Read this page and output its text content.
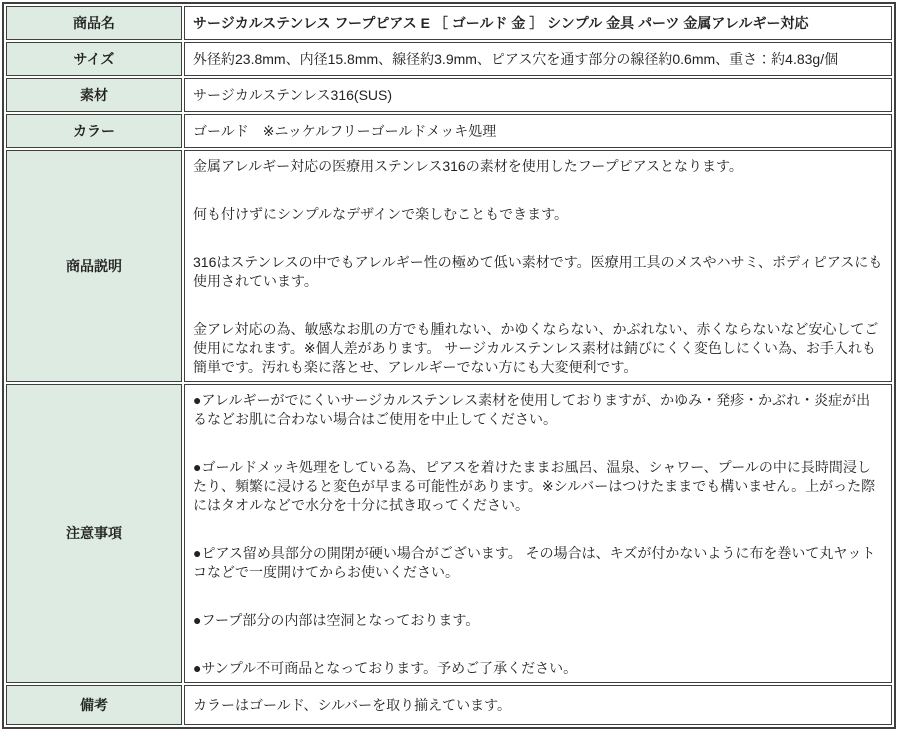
商品名	サージカルステンレス フープピアス E ［ ゴールド 金 ］ シンプル 金具 パーツ 金属アレルギー対応
サイズ	外径約23.8mm、内径15.8mm、線径約3.9mm、ピアス穴を通す部分の線径約0.6mm、重さ：約4.83g/個
素材	サージカルステンレス316(SUS)
カラー	ゴールド　※ニッケルフリーゴールドメッキ処理
商品説明	金属アレルギー対応の医療用ステンレス316の素材を使用したフープピアスとなります。

何も付けずにシンプルなデザインで楽しむこともできます。

316はステンレスの中でもアレルギー性の極めて低い素材です。医療用工具のメスやハサミ、ボディピアスにも使用されています。

金アレ対応の為、敏感なお肌の方でも腫れない、かゆくならない、かぶれない、赤くならないなど安心してご使用になれます。※個人差があります。 サージカルステンレス素材は錆びにくく変色しにくい為、お手入れも簡単です。汚れも楽に落とせ、アレルギーでない方にも大変便利です。

注意事項	●アレルギーがでにくいサージカルステンレス素材を使用しておりますが、かゆみ・発疹・かぶれ・炎症が出るなどお肌に合わない場合はご使用を中止してください。

●ゴールドメッキ処理をしている為、ピアスを着けたままお風呂、温泉、シャワー、プールの中に長時間浸したり、頻繁に浸けると変色が早まる可能性があります。※シルバーはつけたままでも構いません。上がった際にはタオルなどで水分を十分に拭き取ってください。

●ピアス留め具部分の開閉が硬い場合がございます。 その場合は、キズが付かないように布を巻いて丸ヤットコなどで一度開けてからお使いください。

●フープ部分の内部は空洞となっております。

●サンプル不可商品となっております。予めご了承ください。

備考	カラーはゴールド、シルバーを取り揃えています。
